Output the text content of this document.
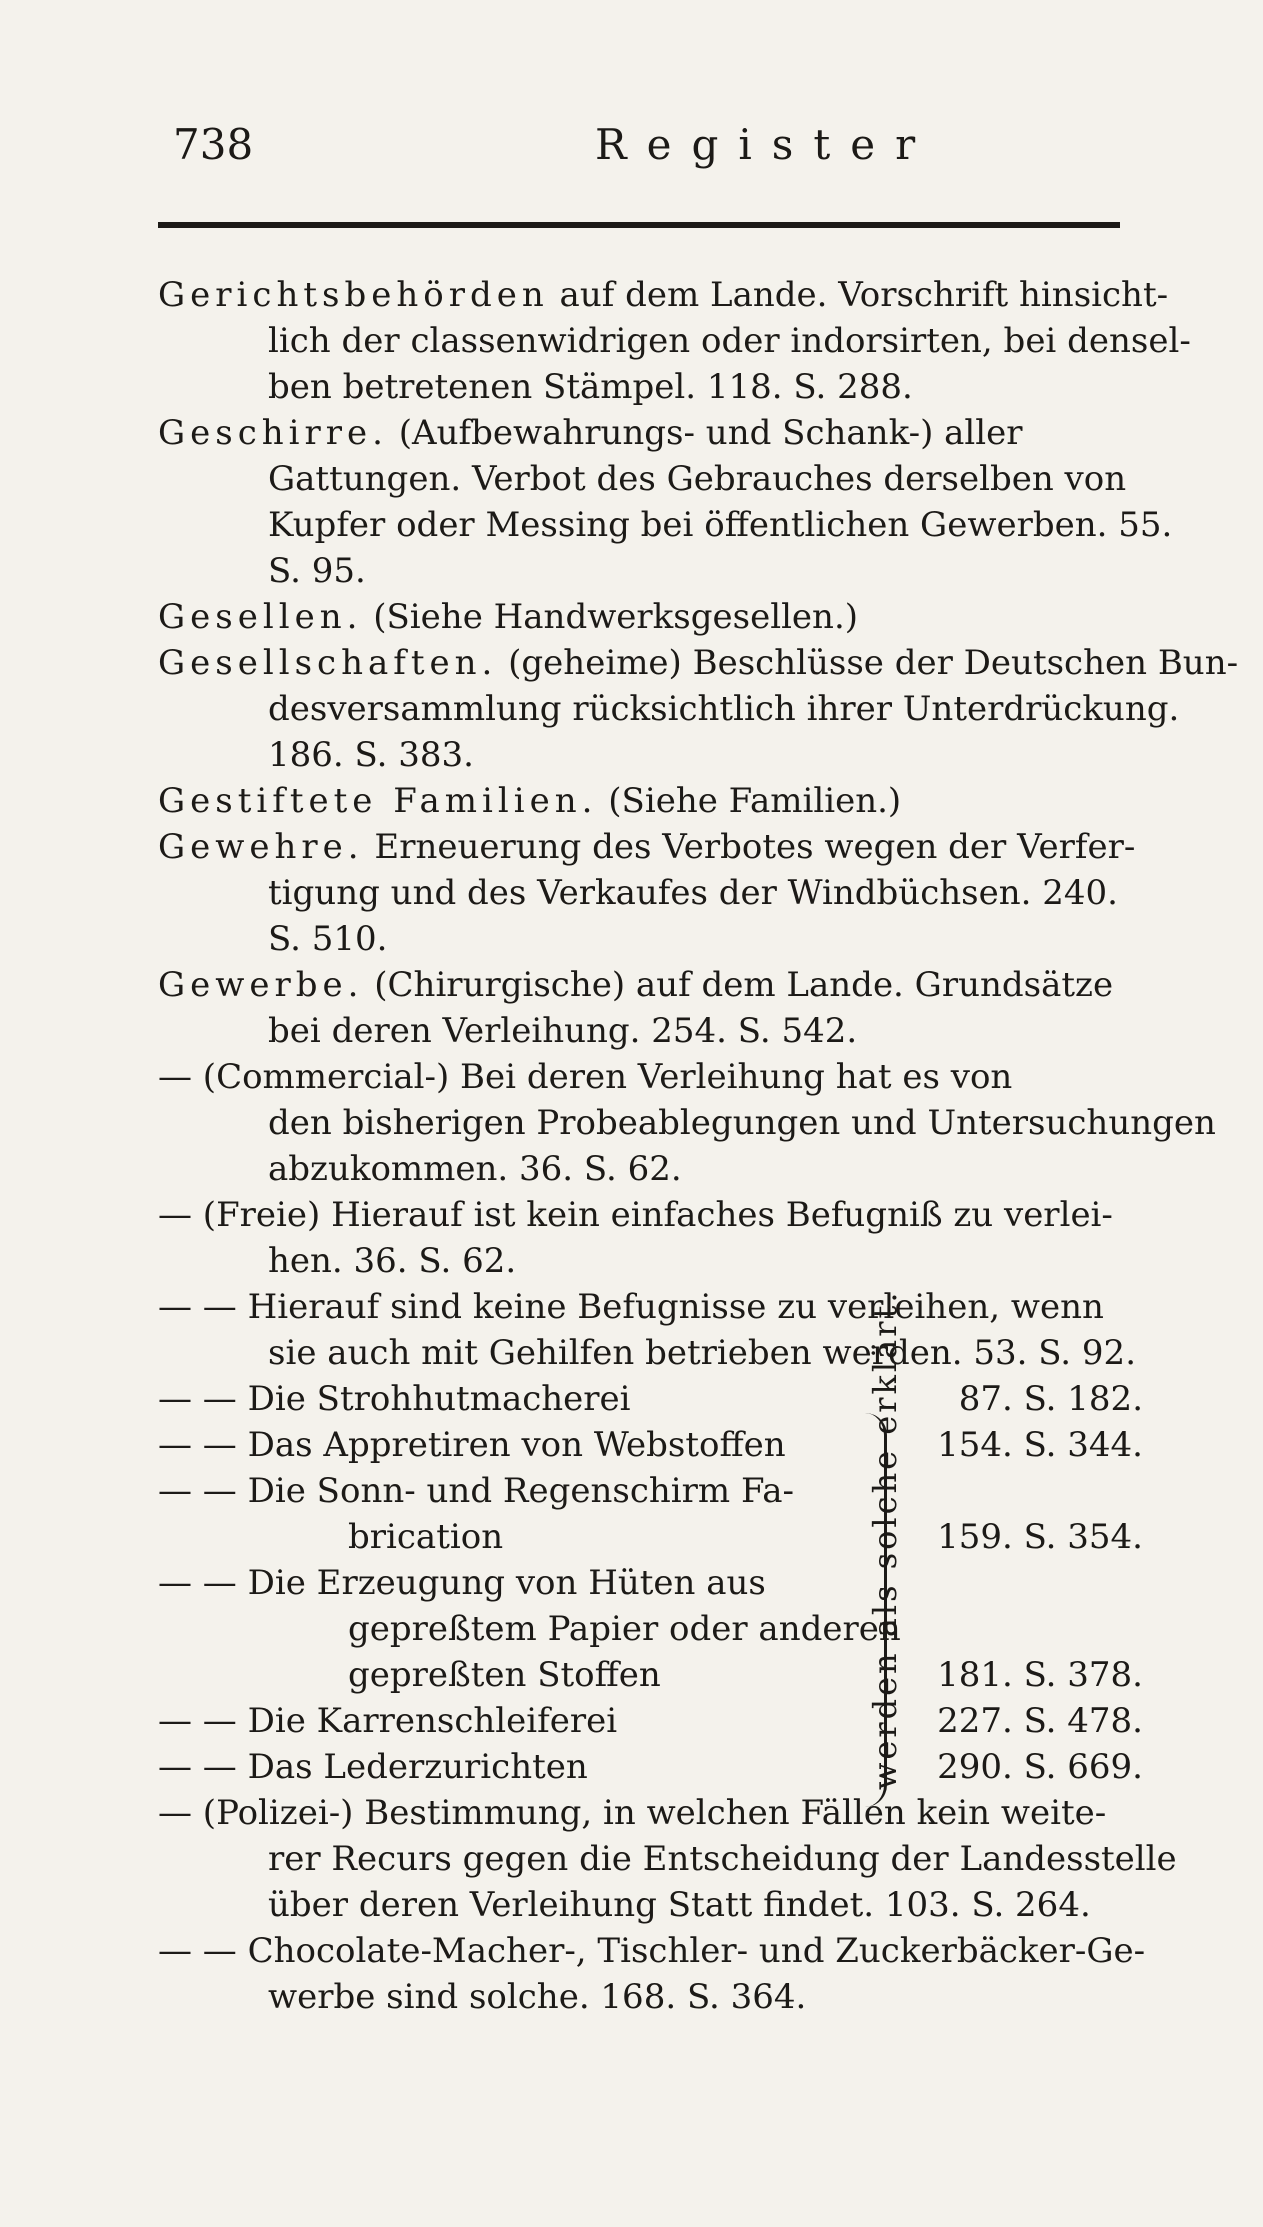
738	Register
Gerichtsbehörden auf dem Lande. Vorschrift hinsicht-
lich der classenwidrigen oder indorsirten, bei densel-
ben betretenen Stämpel. 118. S. 288.
Geschirre. (Aufbewahrungs- und Schank-) aller
Gattungen. Verbot des Gebrauches derselben von
Kupfer oder Messing bei öffentlichen Gewerben. 55.
S. 95.
Gesellen. (Siehe Handwerksgesellen.)
Gesellschaften. (geheime) Beschlüsse der Deutschen Bun-
desversammlung rücksichtlich ihrer Unterdrückung.
186. S. 383.
Gestiftete Familien. (Siehe Familien.)
Gewehre. Erneuerung des Verbotes wegen der Verfer-
tigung und des Verkaufes der Windbüchsen. 240.
S. 510.
Gewerbe. (Chirurgische) auf dem Lande. Grundsätze
bei deren Verleihung. 254. S. 542.
— (Commercial-) Bei deren Verleihung hat es von
den bisherigen Probeablegungen und Untersuchungen
abzukommen. 36. S. 62.
— (Freie) Hierauf ist kein einfaches Befugniß zu verlei-
hen. 36. S. 62.
— — Hierauf sind keine Befugnisse zu verleihen, wenn
sie auch mit Gehilfen betrieben werden. 53. S. 92.
— — Die Strohhutmacherei	87. S. 182.
— — Das Appretiren von Webstoffen	154. S. 344.
— — Die Sonn- und Regenschirm Fa-
brication	159. S. 354.
— — Die Erzeugung von Hüten aus
gepreßtem Papier oder anderen
gepreßten Stoffen	181. S. 378.
— — Die Karrenschleiferei	227. S. 478.
— — Das Lederzurichten	290. S. 669.
— (Polizei-) Bestimmung, in welchen Fällen kein weite-
rer Recurs gegen die Entscheidung der Landesstelle
über deren Verleihung Statt findet. 103. S. 264.
— — Chocolate-Macher-, Tischler- und Zuckerbäcker-Ge-
werbe sind solche. 168. S. 364.
werden als solche erklärt.
